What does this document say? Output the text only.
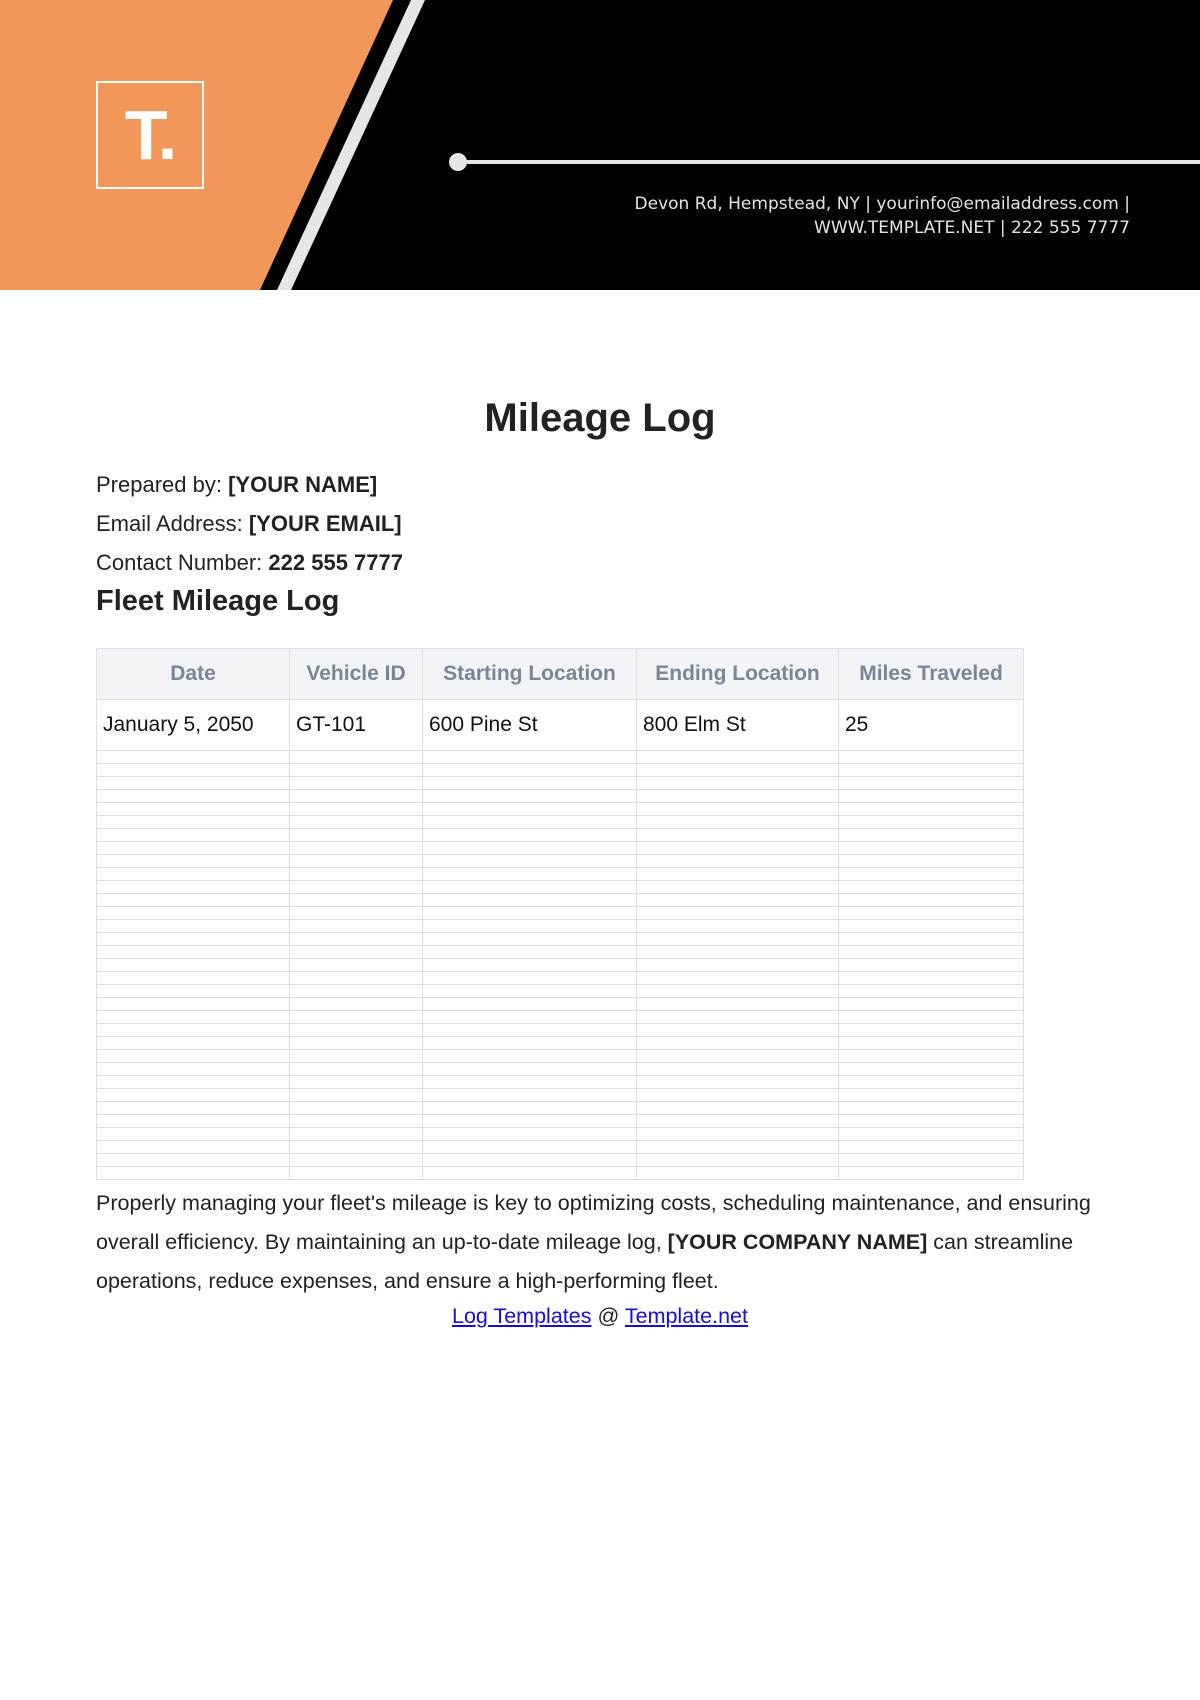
T.
Devon Rd, Hempstead, NY | yourinfo@emailaddress.com |
WWW.TEMPLATE.NET | 222 555 7777
Mileage Log
Prepared by: [YOUR NAME]
Email Address: [YOUR EMAIL]
Contact Number: 222 555 7777
Fleet Mileage Log
Date	Vehicle ID	Starting Location	Ending Location	Miles Traveled
January 5, 2050	GT-101	600 Pine St	800 Elm St	25

Properly managing your fleet's mileage is key to optimizing costs, scheduling maintenance, and ensuring overall efficiency. By maintaining an up-to-date mileage log, [YOUR COMPANY NAME] can streamline operations, reduce expenses, and ensure a high-performing fleet.
Log Templates @ Template.net
